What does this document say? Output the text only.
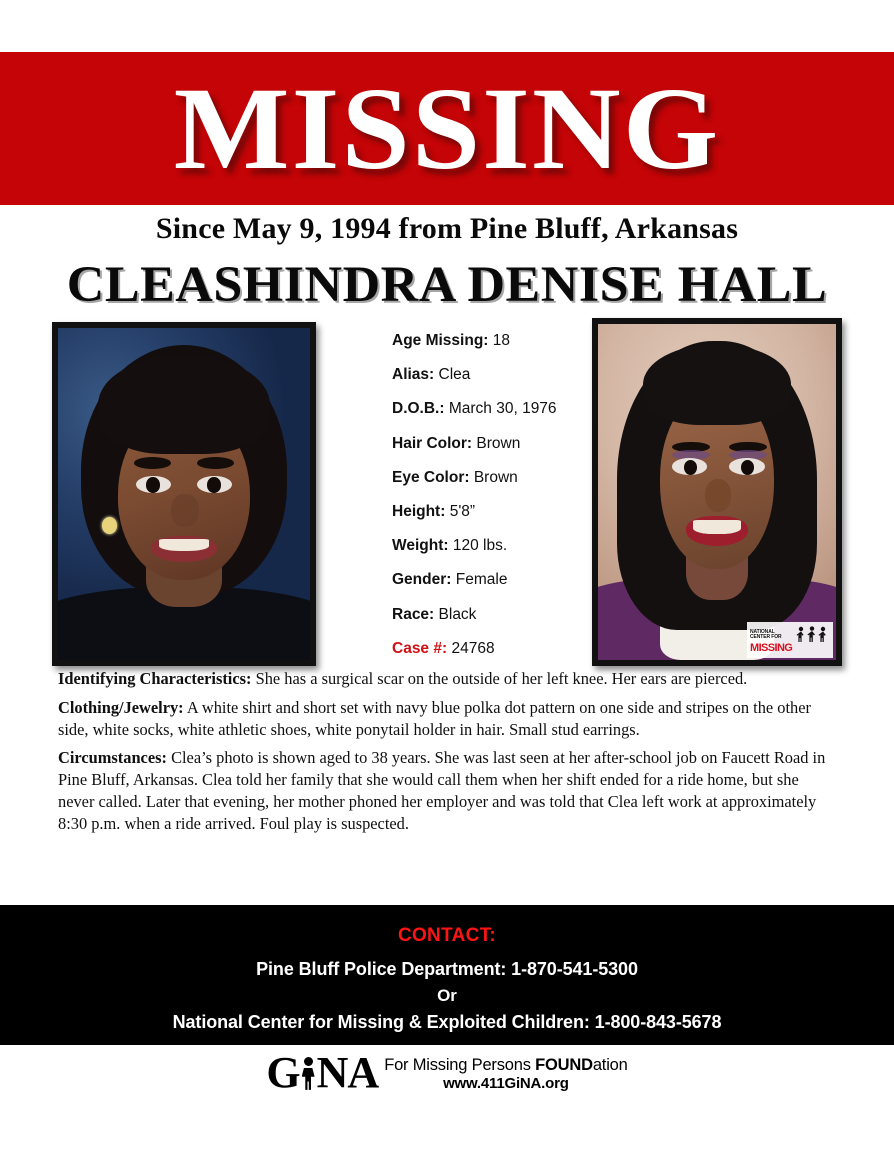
MISSING
Since May 9, 1994 from Pine Bluff, Arkansas
CLEASHINDRA DENISE HALL
Age Missing: 18
Alias: Clea
D.O.B.: March 30, 1976
Hair Color: Brown
Eye Color: Brown
Height: 5'8”
Weight: 120 lbs.
Gender: Female
Race: Black
Case #: 24768
NATIONAL
CENTER FOR
MISSING
Identifying Characteristics: She has a surgical scar on the outside of her left knee. Her ears are pierced.
Clothing/Jewelry: A white shirt and short set with navy blue polka dot pattern on one side and stripes on the other side, white socks, white athletic shoes, white ponytail holder in hair. Small stud earrings.
Circumstances: Clea’s photo is shown aged to 38 years. She was last seen at her after-school job on Faucett Road in Pine Bluff, Arkansas. Clea told her family that she would call them when her shift ended for a ride home, but she never called. Later that evening, her mother phoned her employer and was told that Clea left work at approximately 8:30 p.m. when a ride arrived. Foul play is suspected.
CONTACT:
Pine Bluff Police Department: 1-870-541-5300
Or
National Center for Missing & Exploited Children: 1-800-843-5678
G NA For Missing Persons FOUNDation
www.411GiNA.org
